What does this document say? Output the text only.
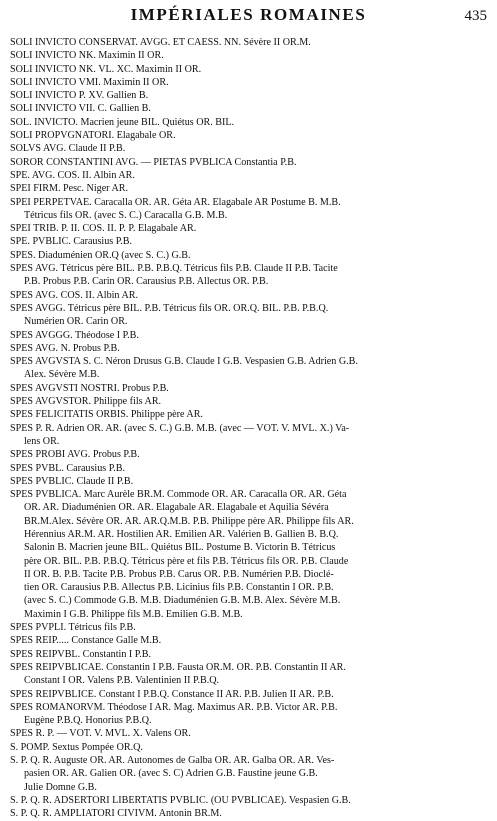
IMPÉRIALES ROMAINES	435
SOLI INVICTO CONSERVAT. AVGG. ET CAESS. NN. Sévère II OR.M.
SOLI INVICTO NK. Maximin II OR.
SOLI INVICTO NK. VL. XC. Maximin II OR.
SOLI INVICTO VMI. Maximin II OR.
SOLI INVICTO P. XV. Gallien B.
SOLI INVICTO VII. C. Gallien B.
SOL. INVICTO. Macrien jeune BIL. Quiétus OR. BIL.
SOLI PROPVGNATORI. Elagabale OR.
SOLVS AVG. Claude II P.B.
SOROR CONSTANTINI AVG. — PIETAS PVBLICA Constantia P.B.
SPE. AVG. COS. II. Albin AR.
SPEI FIRM. Pesc. Niger AR.
SPEI PERPETVAE. Caracalla OR. AR. Géta AR. Elagabale AR Postume B. M.B.
Tétricus fils OR. (avec S. C.) Caracalla G.B. M.B.
SPEI TRIB. P. II. COS. II. P. P. Elagabale AR.
SPE. PVBLIC. Carausius P.B.
SPES. Diaduménien OR.Q (avec S. C.) G.B.
SPES AVG. Tétricus père BIL. P.B. P.B.Q. Tétricus fils P.B. Claude II P.B. Tacite
P.B. Probus P.B. Carin OR. Carausius P.B. Allectus OR. P.B.
SPES AVG. COS. II. Albin AR.
SPES AVGG. Tétricus père BIL. P.B. Tétricus fils OR. OR.Q. BIL. P.B. P.B.Q.
Numérien OR. Carin OR.
SPES AVGGG. Théodose I P.B.
SPES AVG. N. Probus P.B.
SPES AVGVSTA S. C. Néron Drusus G.B. Claude I G.B. Vespasien G.B. Adrien G.B.
Alex. Sévère M.B.
SPES AVGVSTI NOSTRI. Probus P.B.
SPES AVGVSTOR. Philippe fils AR.
SPES FELICITATIS ORBIS. Philippe père AR.
SPES P. R. Adrien OR. AR. (avec S. C.) G.B. M.B. (avec — VOT. V. MVL. X.) Va-
lens OR.
SPES PROBI AVG. Probus P.B.
SPES PVBL. Carausius P.B.
SPES PVBLIC. Claude II P.B.
SPES PVBLICA. Marc Aurèle BR.M. Commode OR. AR. Caracalla OR. AR. Géta
OR. AR. Diaduménien OR. AR. Elagabale AR. Elagabale et Aquilia Sévéra
BR.M.Alex. Sévère OR. AR. AR.Q.M.B. P.B. Philippe père AR. Philippe fils AR.
Hérennius AR.M. AR. Hostilien AR. Emilien AR. Valérien B. Gallien B. B.Q.
Salonin B. Macrien jeune BIL. Quiétus BIL. Postume B. Victorin B. Tétricus
père OR. BIL. P.B. P.B.Q. Tétricus père et fils P.B. Tétricus fils OR. P.B. Claude
II OR. B. P.B. Tacite P.B. Probus P.B. Carus OR. P.B. Numérien P.B. Dioclé-
tien OR. Carausius P.B. Allectus P.B. Licinius fils P.B. Constantin I OR. P.B.
(avec S. C.) Commode G.B. M.B. Diaduménien G.B. M.B. Alex. Sévère M.B.
Maximin I G.B. Philippe fils M.B. Emilien G.B. M.B.
SPES PVPLI. Tétricus fils P.B.
SPES REIP..... Constance Galle M.B.
SPES REIPVBL. Constantin I P.B.
SPES REIPVBLICAE. Constantin I P.B. Fausta OR.M. OR. P.B. Constantin II AR.
Constant I OR. Valens P.B. Valentinien II P.B.Q.
SPES REIPVBLICE. Constant I P.B.Q. Constance II AR. P.B. Julien II AR. P.B.
SPES ROMANORVM. Théodose I AR. Mag. Maximus AR. P.B. Victor AR. P.B.
Eugène P.B.Q. Honorius P.B.Q.
SPES R. P. — VOT. V. MVL. X. Valens OR.
S. POMP. Sextus Pompée OR.Q.
S. P. Q. R. Auguste OR. AR. Autonomes de Galba OR. AR. Galba OR. AR. Ves-
pasien OR. AR. Galien OR. (avec S. C) Adrien G.B. Faustine jeune G.B.
Julie Domne G.B.
S. P. Q. R. ADSERTORI LIBERTATIS PVBLIC. (OU PVBLICAE). Vespasien G.B.
S. P. Q. R. AMPLIATORI CIVIVM. Antonin BR.M.
